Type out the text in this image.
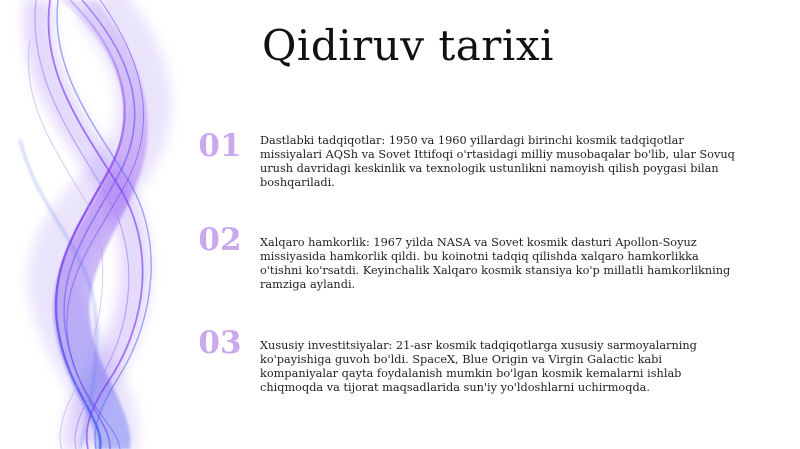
Qidiruv tarixi
01 Dastlabki tadqiqotlar: 1950 va 1960 yillardagi birinchi kosmik tadqiqotlar missiyalari AQSh va Sovet Ittifoqi o'rtasidagi milliy musobaqalar bo'lib, ular Sovuq urush davridagi keskinlik va texnologik ustunlikni namoyish qilish poygasi bilan boshqariladi.
02 Xalqaro hamkorlik: 1967 yilda NASA va Sovet kosmik dasturi Apollon-Soyuz missiyasida hamkorlik qildi. bu koinotni tadqiq qilishda xalqaro hamkorlikka o'tishni ko'rsatdi. Keyinchalik Xalqaro kosmik stansiya ko'p millatli hamkorlikning ramziga aylandi.
03 Xususiy investitsiyalar: 21-asr kosmik tadqiqotlarga xususiy sarmoyalarning ko'payishiga guvoh bo'ldi. SpaceX, Blue Origin va Virgin Galactic kabi kompaniyalar qayta foydalanish mumkin bo'lgan kosmik kemalarni ishlab chiqmoqda va tijorat maqsadlarida sun'iy yo'ldoshlarni uchirmoqda.
